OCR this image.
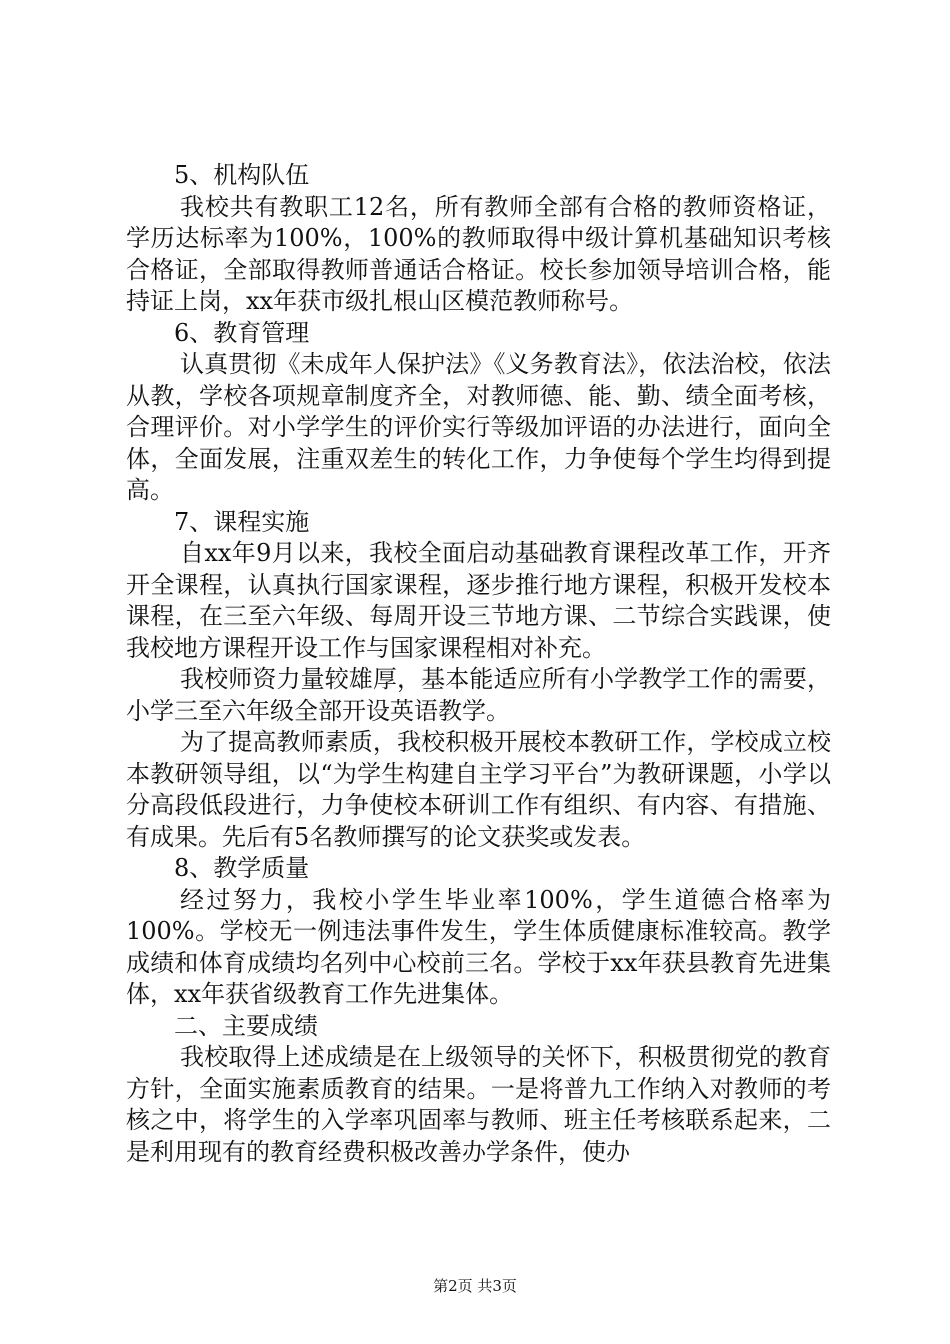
5、机构队伍

我校共有教职工12名，所有教师全部有合格的教师资格证，学历达标率为100%，100%的教师取得中级计算机基础知识考核合格证，全部取得教师普通话合格证。校长参加领导培训合格，能持证上岗，xx年获市级扎根山区模范教师称号。

6、教育管理

认真贯彻《未成年人保护法》《义务教育法》，依法治校，依法从教，学校各项规章制度齐全，对教师德、能、勤、绩全面考核，合理评价。对小学学生的评价实行等级加评语的办法进行，面向全体，全面发展，注重双差生的转化工作，力争使每个学生均得到提高。

7、课程实施

自xx年9月以来，我校全面启动基础教育课程改革工作，开齐开全课程，认真执行国家课程，逐步推行地方课程，积极开发校本课程，在三至六年级、每周开设三节地方课、二节综合实践课，使我校地方课程开设工作与国家课程相对补充。

我校师资力量较雄厚，基本能适应所有小学教学工作的需要，小学三至六年级全部开设英语教学。

为了提高教师素质，我校积极开展校本教研工作，学校成立校本教研领导组，以“为学生构建自主学习平台”为教研课题，小学以分高段低段进行，力争使校本研训工作有组织、有内容、有措施、有成果。先后有5名教师撰写的论文获奖或发表。

8、教学质量

经过努力，我校小学生毕业率100%，学生道德合格率为100%。学校无一例违法事件发生，学生体质健康标准较高。教学成绩和体育成绩均名列中心校前三名。学校于xx年获县教育先进集体，xx年获省级教育工作先进集体。

二、主要成绩

我校取得上述成绩是在上级领导的关怀下，积极贯彻党的教育方针，全面实施素质教育的结果。一是将普九工作纳入对教师的考核之中，将学生的入学率巩固率与教师、班主任考核联系起来，二是利用现有的教育经费积极改善办学条件，使办

第2页 共3页
